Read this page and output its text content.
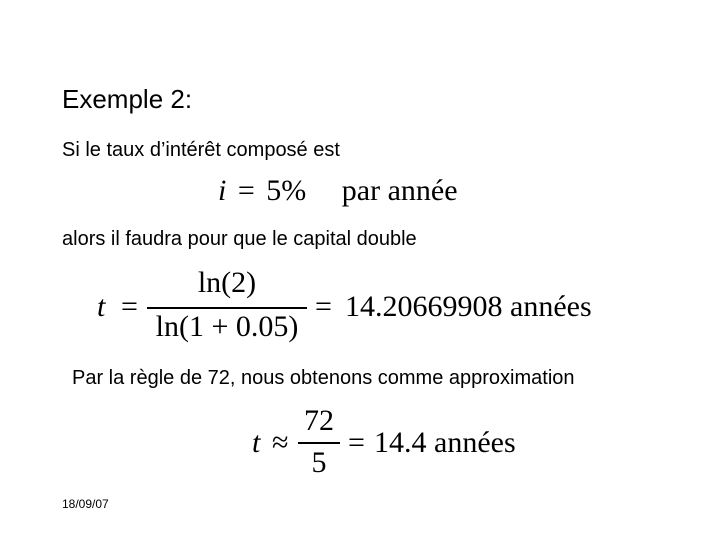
Exemple 2:
Si le taux d’intérêt composé est
i = 5% par année
alors il faudra pour que le capital double
t =
ln(2)
ln(1 + 0.05)
= 14.20669908 années
Par la règle de 72, nous obtenons comme approximation
t ≈
72
5
= 14.4 années
18/09/07
